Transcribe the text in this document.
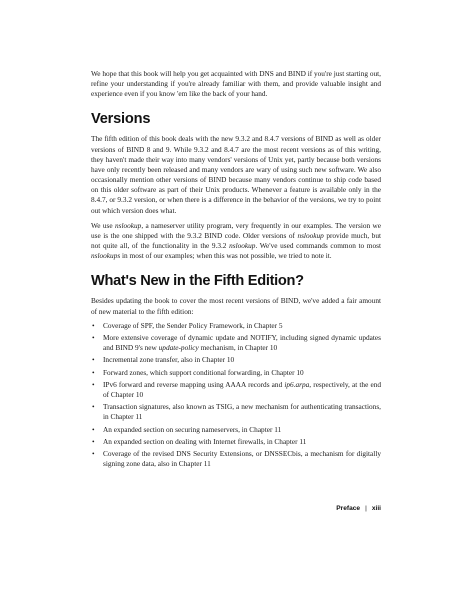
We hope that this book will help you get acquainted with DNS and BIND if you're just starting out, refine your understanding if you're already familiar with them, and provide valuable insight and experience even if you know 'em like the back of your hand.

Versions

The fifth edition of this book deals with the new 9.3.2 and 8.4.7 versions of BIND as well as older versions of BIND 8 and 9. While 9.3.2 and 8.4.7 are the most recent versions as of this writing, they haven't made their way into many vendors' versions of Unix yet, partly because both versions have only recently been released and many vendors are wary of using such new software. We also occasionally mention other versions of BIND because many vendors continue to ship code based on this older software as part of their Unix products. Whenever a feature is available only in the 8.4.7, or 9.3.2 version, or when there is a difference in the behavior of the versions, we try to point out which version does what.

We use nslookup, a nameserver utility program, very frequently in our examples. The version we use is the one shipped with the 9.3.2 BIND code. Older versions of nslookup provide much, but not quite all, of the functionality in the 9.3.2 nslookup. We've used commands common to most nslookups in most of our examples; when this was not possible, we tried to note it.

What's New in the Fifth Edition?

Besides updating the book to cover the most recent versions of BIND, we've added a fair amount of new material to the fifth edition:

• Coverage of SPF, the Sender Policy Framework, in Chapter 5
• More extensive coverage of dynamic update and NOTIFY, including signed dynamic updates and BIND 9's new update-policy mechanism, in Chapter 10
• Incremental zone transfer, also in Chapter 10
• Forward zones, which support conditional forwarding, in Chapter 10
• IPv6 forward and reverse mapping using AAAA records and ip6.arpa, respectively, at the end of Chapter 10
• Transaction signatures, also known as TSIG, a new mechanism for authenticating transactions, in Chapter 11
• An expanded section on securing nameservers, in Chapter 11
• An expanded section on dealing with Internet firewalls, in Chapter 11
• Coverage of the revised DNS Security Extensions, or DNSSECbis, a mechanism for digitally signing zone data, also in Chapter 11
Preface | xiii
